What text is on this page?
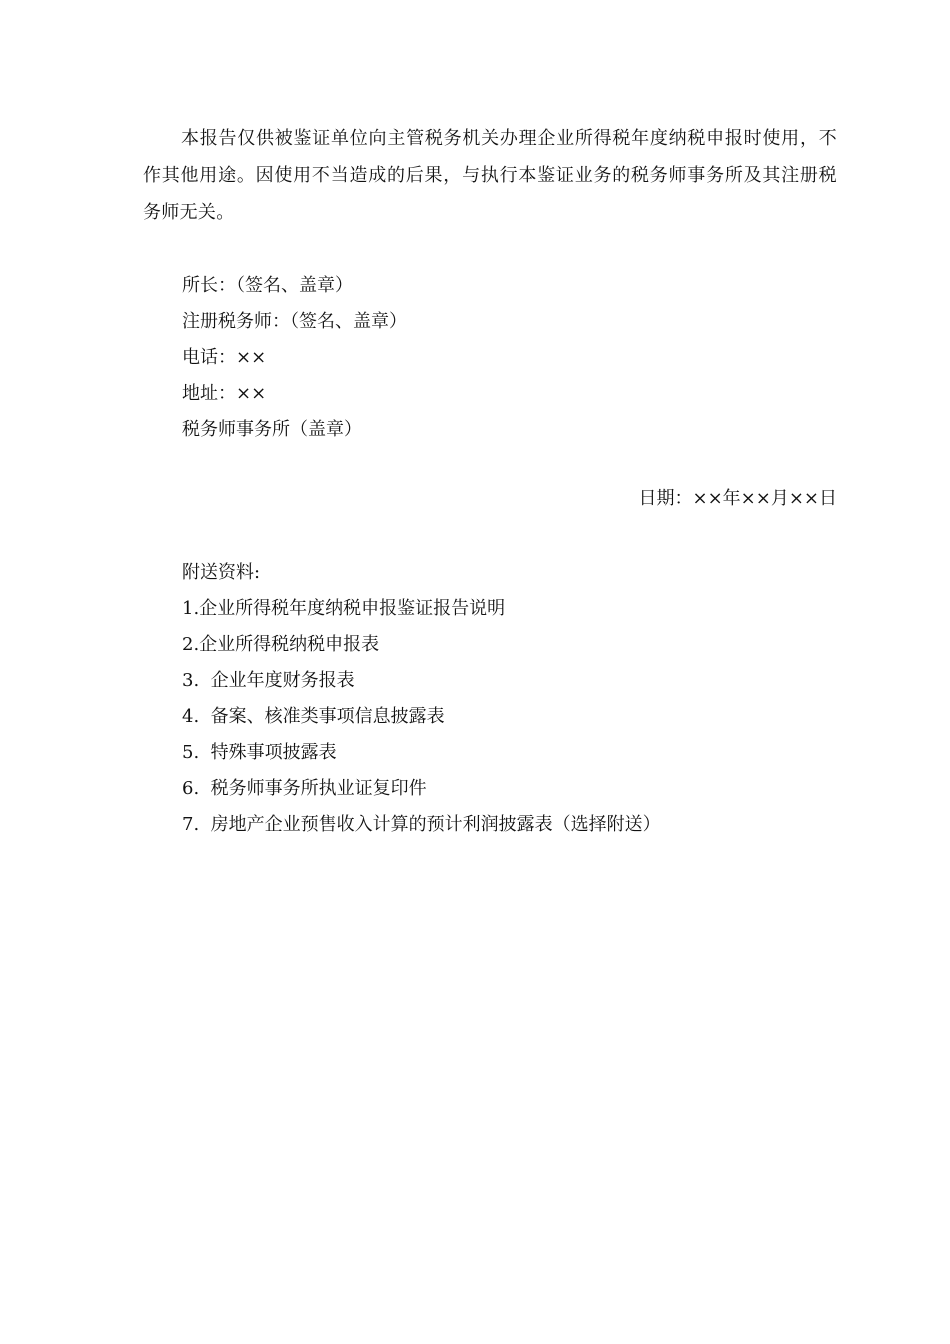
本报告仅供被鉴证单位向主管税务机关办理企业所得税年度纳税申报时使用，不作其他用途。因使用不当造成的后果，与执行本鉴证业务的税务师事务所及其注册税务师无关。

所长：（签名、盖章）
注册税务师：（签名、盖章）
电话：××
地址：××
税务师事务所（盖章）
日期：××年××月××日
附送资料:
1.企业所得税年度纳税申报鉴证报告说明
2.企业所得税纳税申报表
3.  企业年度财务报表
4.  备案、核准类事项信息披露表
5.  特殊事项披露表
6.  税务师事务所执业证复印件
7.  房地产企业预售收入计算的预计利润披露表（选择附送）
